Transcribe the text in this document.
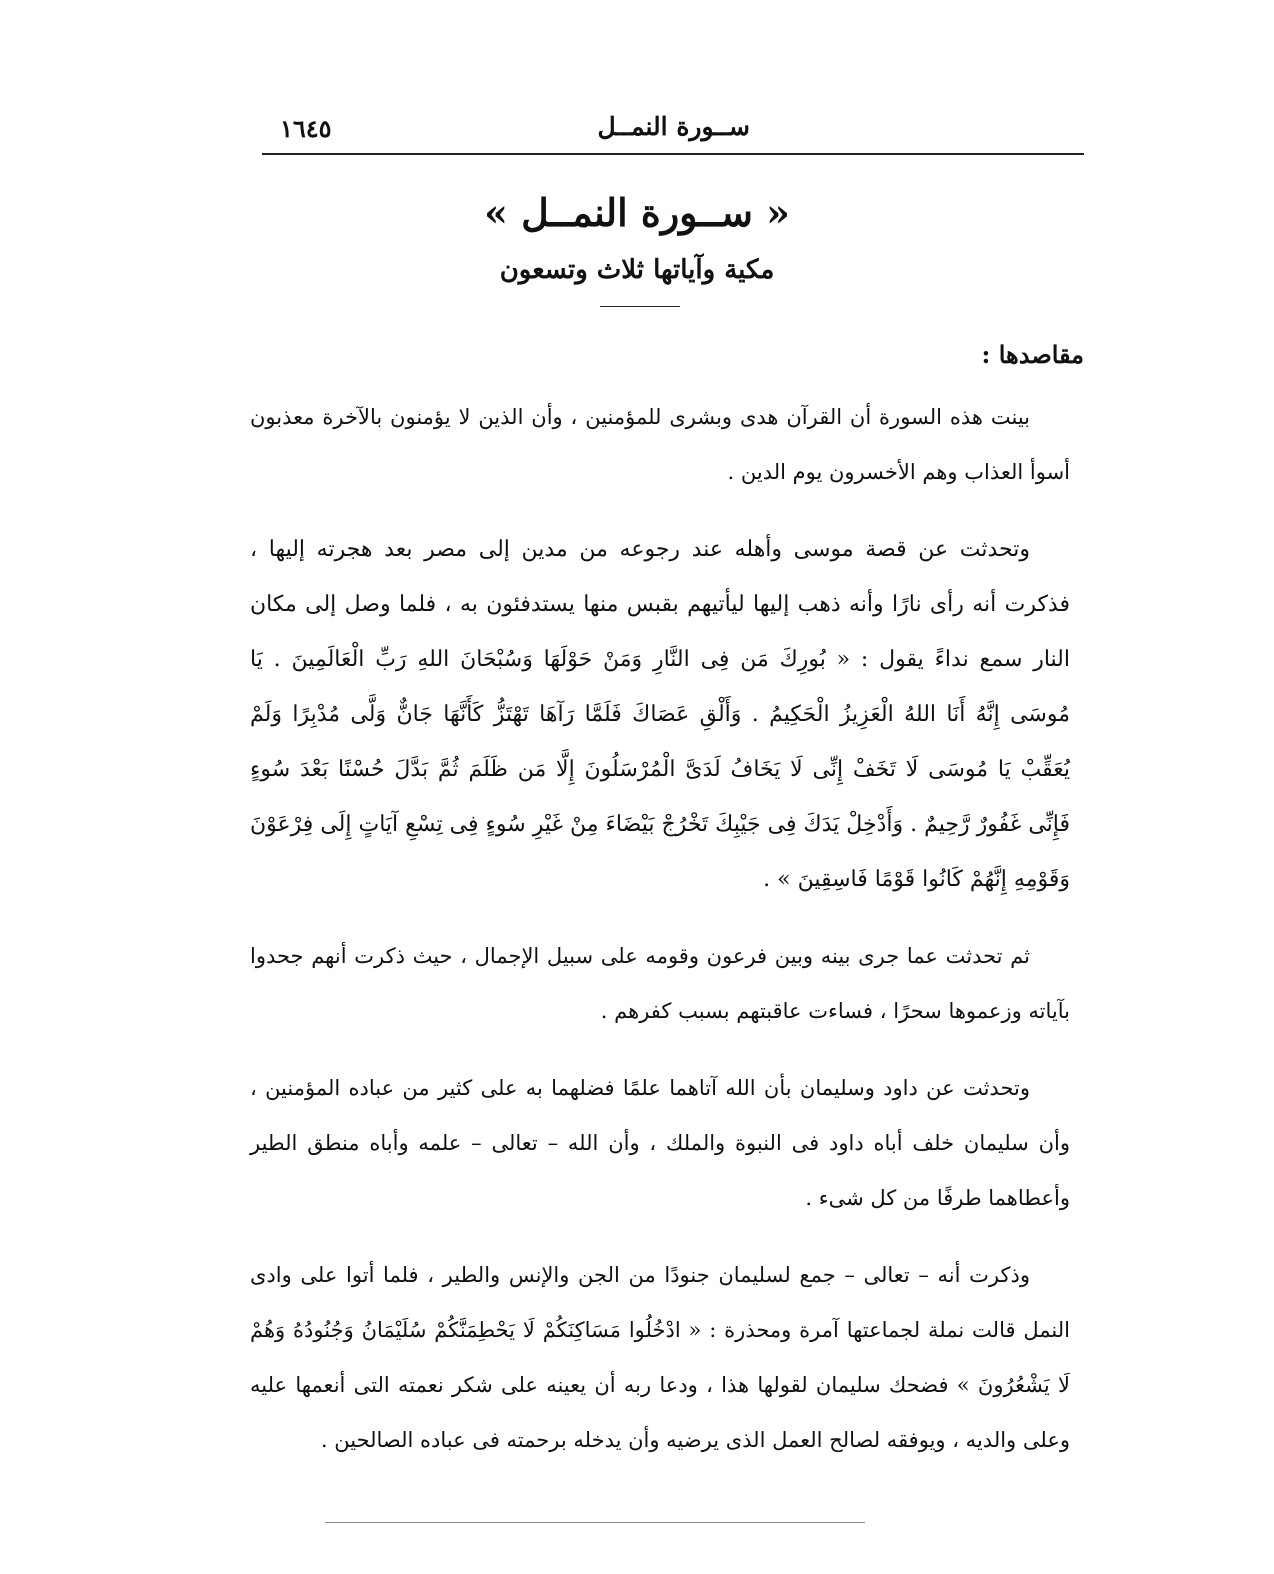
ســورة النمــل
١٦٤٥
« ســورة النمــل »
مكية وآياتها ثلاث وتسعون
مقاصدها :

بينت هذه السورة أن القرآن هدى وبشرى للمؤمنين ، وأن الذين لا يؤمنون بالآخرة معذبون أسوأ العذاب وهم الأخسرون يوم الدين .

وتحدثت عن قصة موسى وأهله عند رجوعه من مدين إلى مصر بعد هجرته إليها ، فذكرت أنه رأى نارًا وأنه ذهب إليها ليأتيهم بقبس منها يستدفئون به ، فلما وصل إلى مكان النار سمع نداءً يقول : « بُورِكَ مَن فِى النَّارِ وَمَنْ حَوْلَهَا وَسُبْحَانَ اللهِ رَبِّ الْعَالَمِينَ . يَا مُوسَى إِنَّهُ أَنَا اللهُ الْعَزِيزُ الْحَكِيمُ . وَأَلْقِ عَصَاكَ فَلَمَّا رَآهَا تَهْتَزُّ كَأَنَّهَا جَانٌّ وَلَّى مُدْبِرًا وَلَمْ يُعَقِّبْ يَا مُوسَى لَا تَخَفْ إِنِّى لَا يَخَافُ لَدَىَّ الْمُرْسَلُونَ إِلَّا مَن ظَلَمَ ثُمَّ بَدَّلَ حُسْنًا بَعْدَ سُوءٍ فَإِنِّى غَفُورٌ رَّحِيمٌ . وَأَدْخِلْ يَدَكَ فِى جَيْبِكَ تَخْرُجْ بَيْضَاءَ مِنْ غَيْرِ سُوءٍ فِى تِسْعِ آيَاتٍ إِلَى فِرْعَوْنَ وَقَوْمِهِ إِنَّهُمْ كَانُوا قَوْمًا فَاسِقِينَ » .

ثم تحدثت عما جرى بينه وبين فرعون وقومه على سبيل الإجمال ، حيث ذكرت أنهم جحدوا بآياته وزعموها سحرًا ، فساءت عاقبتهم بسبب كفرهم .

وتحدثت عن داود وسليمان بأن الله آتاهما علمًا فضلهما به على كثير من عباده المؤمنين ، وأن سليمان خلف أباه داود فى النبوة والملك ، وأن الله – تعالى – علمه وأباه منطق الطير وأعطاهما طرفًا من كل شىء .

وذكرت أنه – تعالى – جمع لسليمان جنودًا من الجن والإنس والطير ، فلما أتوا على وادى النمل قالت نملة لجماعتها آمرة ومحذرة : « ادْخُلُوا مَسَاكِنَكُمْ لَا يَحْطِمَنَّكُمْ سُلَيْمَانُ وَجُنُودُهُ وَهُمْ لَا يَشْعُرُونَ » فضحك سليمان لقولها هذا ، ودعا ربه أن يعينه على شكر نعمته التى أنعمها عليه وعلى والديه ، ويوفقه لصالح العمل الذى يرضيه وأن يدخله برحمته فى عباده الصالحين .
